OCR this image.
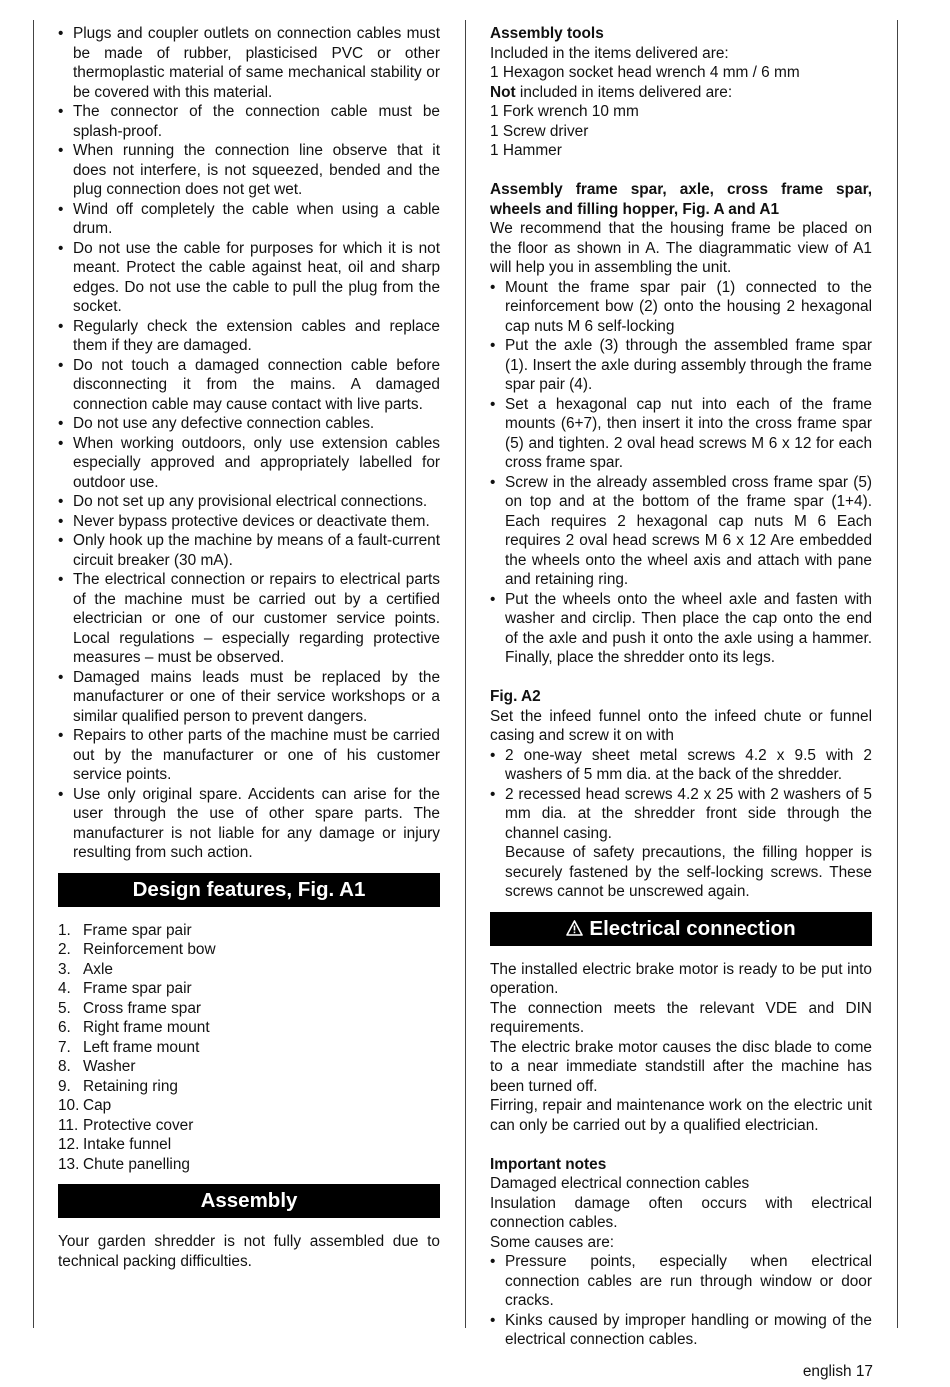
• Plugs and coupler outlets on connection cables must be made of rubber, plasticised PVC or other thermoplastic material of same mechanical stability or be covered with this material.
• The connector of the connection cable must be splash-proof.
• When running the connection line observe that it does not interfere, is not squeezed, bended and the plug connection does not get wet.
• Wind off completely the cable when using a cable drum.
• Do not use the cable for purposes for which it is not meant. Protect the cable against heat, oil and sharp edges. Do not use the cable to pull the plug from the socket.
• Regularly check the extension cables and replace them if they are damaged.
• Do not touch a damaged connection cable before disconnecting it from the mains. A damaged connection cable may cause contact with live parts.
• Do not use any defective connection cables.
• When working outdoors, only use extension cables especially approved and appropriately labelled for outdoor use.
• Do not set up any provisional electrical connections.
• Never bypass protective devices or deactivate them.
• Only hook up the machine by means of a fault-current circuit breaker (30 mA).
• The electrical connection or repairs to electrical parts of the machine must be carried out by a certified electrician or one of our customer service points. Local regulations – especially regarding protective measures – must be observed.
• Damaged mains leads must be replaced by the manufacturer or one of their service workshops or a similar qualified person to prevent dangers.
• Repairs to other parts of the machine must be carried out by the manufacturer or one of his customer service points.
• Use only original spare. Accidents can arise for the user through the use of other spare parts. The manufacturer is not liable for any damage or injury resulting from such action.
Design features, Fig. A1
1. Frame spar pair
2. Reinforcement bow
3. Axle
4. Frame spar pair
5. Cross frame spar
6. Right frame mount
7. Left frame mount
8. Washer
9. Retaining ring
10. Cap
11. Protective cover
12. Intake funnel
13. Chute panelling
Assembly

Your garden shredder is not fully assembled due to technical packing difficulties.

Assembly tools

Included in the items delivered are:

1 Hexagon socket head wrench 4 mm / 6 mm

Not included in items delivered are:

1 Fork wrench 10 mm

1 Screw driver

1 Hammer

Assembly frame spar, axle, cross frame spar, wheels and filling hopper, Fig. A and A1

We recommend that the housing frame be placed on the floor as shown in A. The diagrammatic view of A1 will help you in assembling the unit.

• Mount the frame spar pair (1) connected to the reinforcement bow (2) onto the housing 2 hexagonal cap nuts M 6 self-locking
• Put the axle (3) through the assembled frame spar (1). Insert the axle during assembly through the frame spar pair (4).
• Set a hexagonal cap nut into each of the frame mounts (6+7), then insert it into the cross frame spar (5) and tighten. 2 oval head screws M 6 x 12 for each cross frame spar.
• Screw in the already assembled cross frame spar (5) on top and at the bottom of the frame spar (1+4). Each requires 2 hexagonal cap nuts M 6 Each requires 2 oval head screws M 6 x 12 Are embedded the wheels onto the wheel axis and attach with pane and retaining ring.
• Put the wheels onto the wheel axle and fasten with washer and circlip. Then place the cap onto the end of the axle and push it onto the axle using a hammer. Finally, place the shredder onto its legs.
Fig. A2

Set the infeed funnel onto the infeed chute or funnel casing and screw it on with

• 2 one-way sheet metal screws 4.2 x 9.5 with 2 washers of 5 mm dia. at the back of the shredder.
• 2 recessed head screws 4.2 x 25 with 2 washers of 5 mm dia. at the shredder front side through the channel casing.

Because of safety precautions, the filling hopper is securely fastened by the self-locking screws. These screws cannot be unscrewed again.

Electrical connection

The installed electric brake motor is ready to be put into operation.

The connection meets the relevant VDE and DIN requirements.

The electric brake motor causes the disc blade to come to a near immediate standstill after the machine has been turned off.

Firring, repair and maintenance work on the electric unit can only be carried out by a qualified electrician.

Important notes

Damaged electrical connection cables

Insulation damage often occurs with electrical connection cables.

Some causes are:

• Pressure points, especially when electrical connection cables are run through window or door cracks.
• Kinks caused by improper handling or mowing of the electrical connection cables.
english 17
